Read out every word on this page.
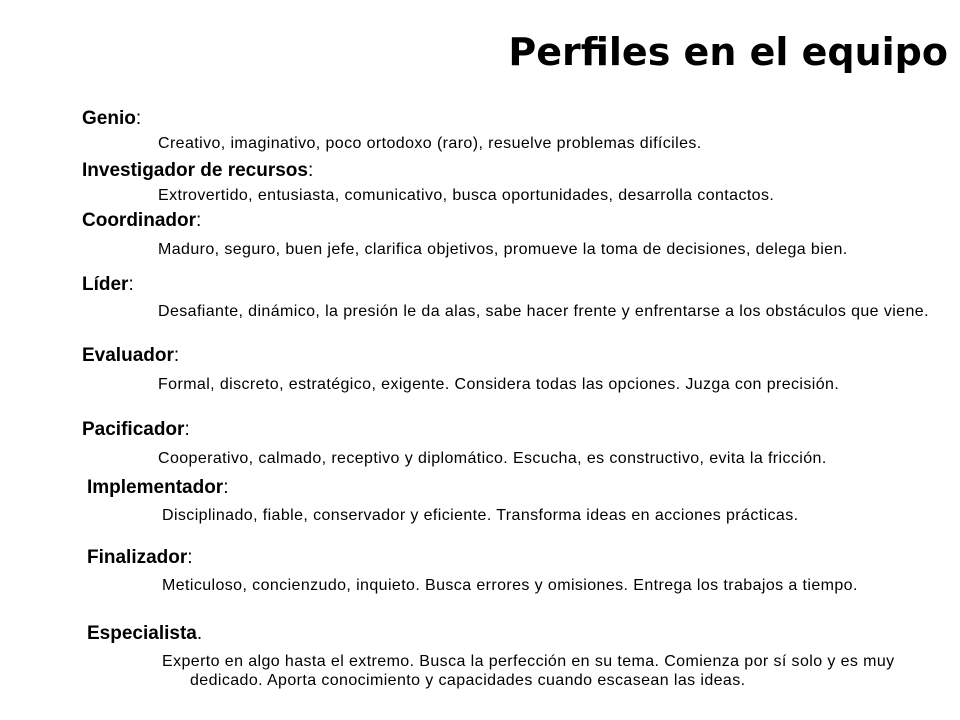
Perfiles en el equipo

Genio:

Creativo, imaginativo, poco ortodoxo (raro), resuelve problemas difíciles.

Investigador de recursos:

Extrovertido, entusiasta, comunicativo, busca oportunidades, desarrolla contactos.

Coordinador:

Maduro, seguro, buen jefe, clarifica objetivos, promueve la toma de decisiones, delega bien.

Líder:

Desafiante, dinámico, la presión le da alas, sabe hacer frente y enfrentarse a los obstáculos que viene.

Evaluador:

Formal, discreto, estratégico, exigente. Considera todas las opciones. Juzga con precisión.

Pacificador:

Cooperativo, calmado, receptivo y diplomático. Escucha, es constructivo, evita la fricción.

Implementador:

Disciplinado, fiable, conservador y eficiente. Transforma ideas en acciones prácticas.

Finalizador:

Meticuloso, concienzudo, inquieto. Busca errores y omisiones. Entrega los trabajos a tiempo.

Especialista.

Experto en algo hasta el extremo. Busca la perfección en su tema. Comienza por sí solo y es muy dedicado. Aporta conocimiento y capacidades cuando escasean las ideas.
